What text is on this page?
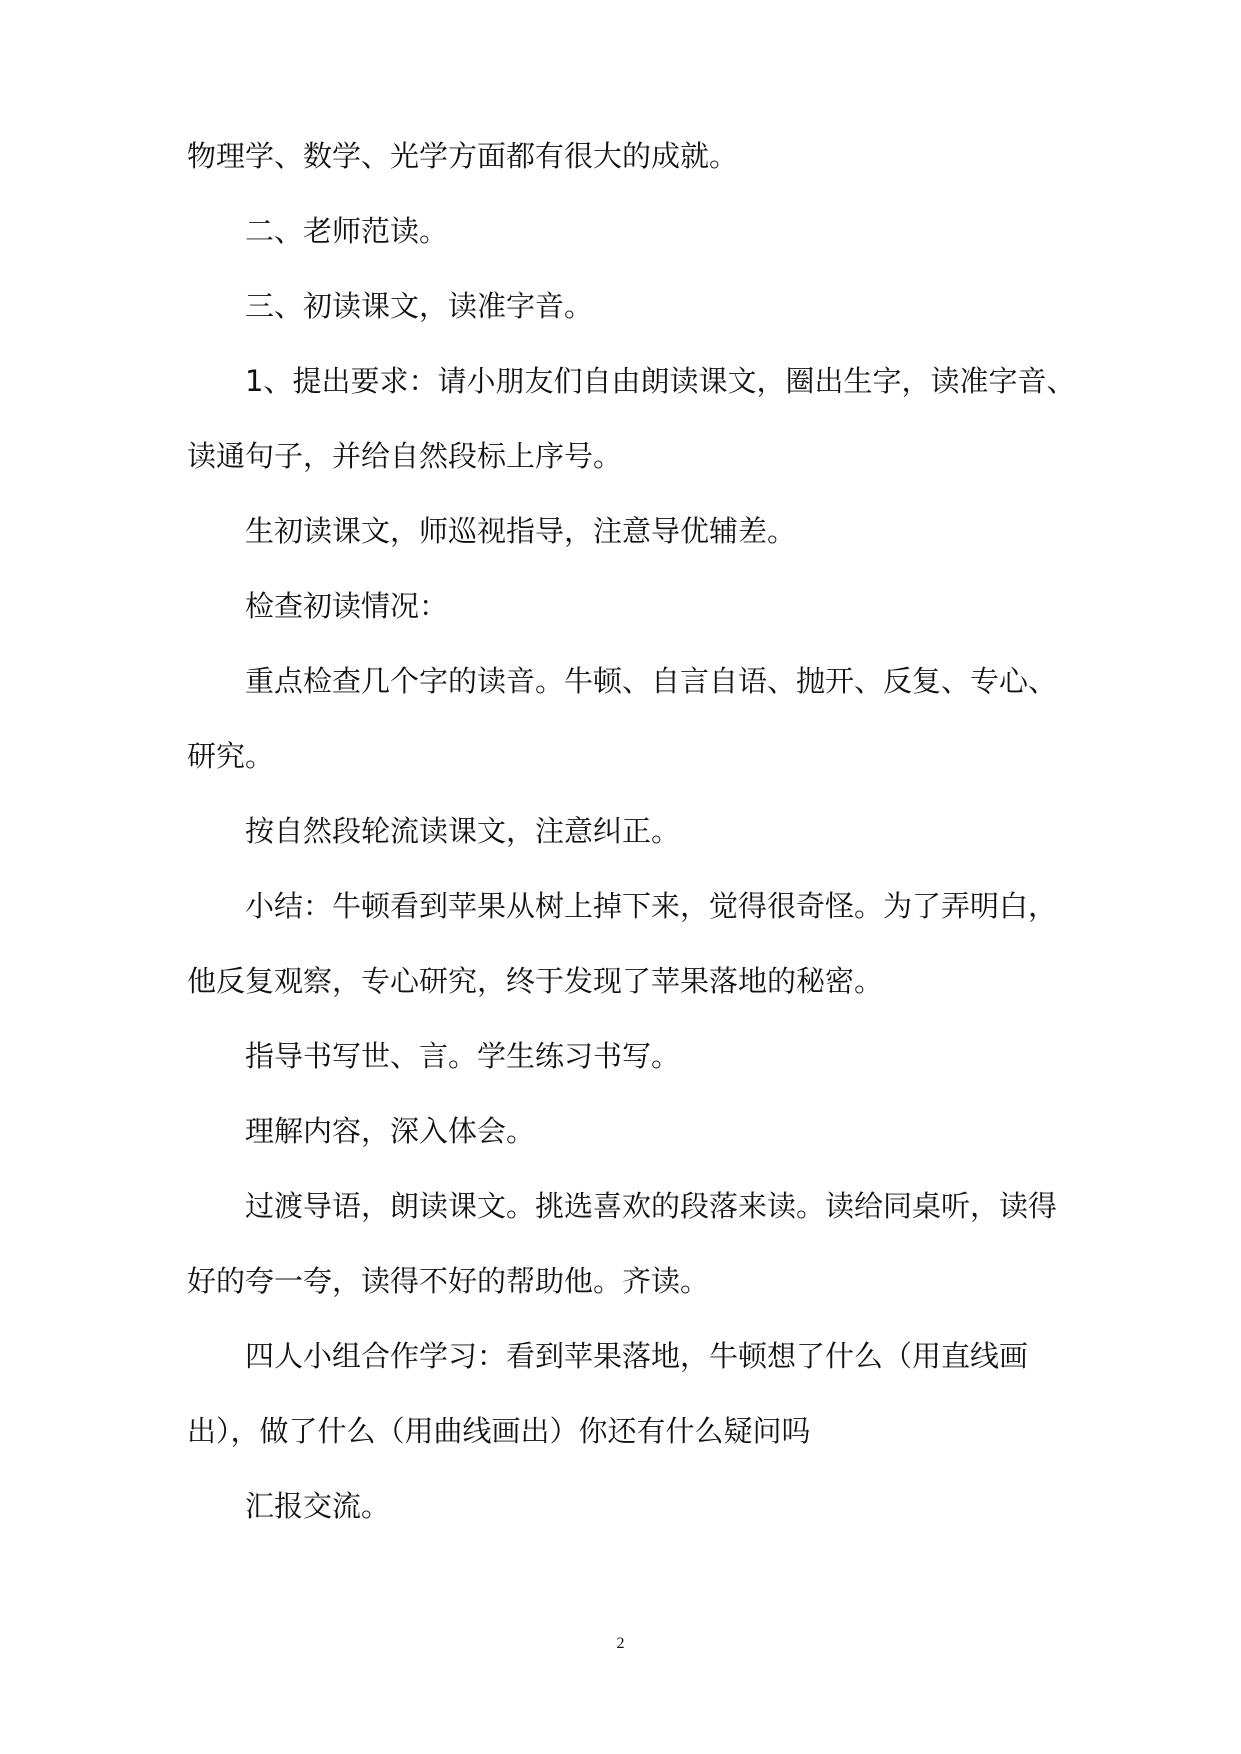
物理学、数学、光学方面都有很大的成就。
二、老师范读。
三、初读课文，读准字音。
1、提出要求：请小朋友们自由朗读课文，圈出生字，读准字音、
读通句子，并给自然段标上序号。
生初读课文，师巡视指导，注意导优辅差。
检查初读情况：
重点检查几个字的读音。牛顿、自言自语、抛开、反复、专心、
研究。
按自然段轮流读课文，注意纠正。
小结：牛顿看到苹果从树上掉下来，觉得很奇怪。为了弄明白，
他反复观察，专心研究，终于发现了苹果落地的秘密。
指导书写世、言。学生练习书写。
理解内容，深入体会。
过渡导语，朗读课文。挑选喜欢的段落来读。读给同桌听，读得
好的夸一夸，读得不好的帮助他。齐读。
四人小组合作学习：看到苹果落地，牛顿想了什么（用直线画
出），做了什么（用曲线画出）你还有什么疑问吗
汇报交流。
2
